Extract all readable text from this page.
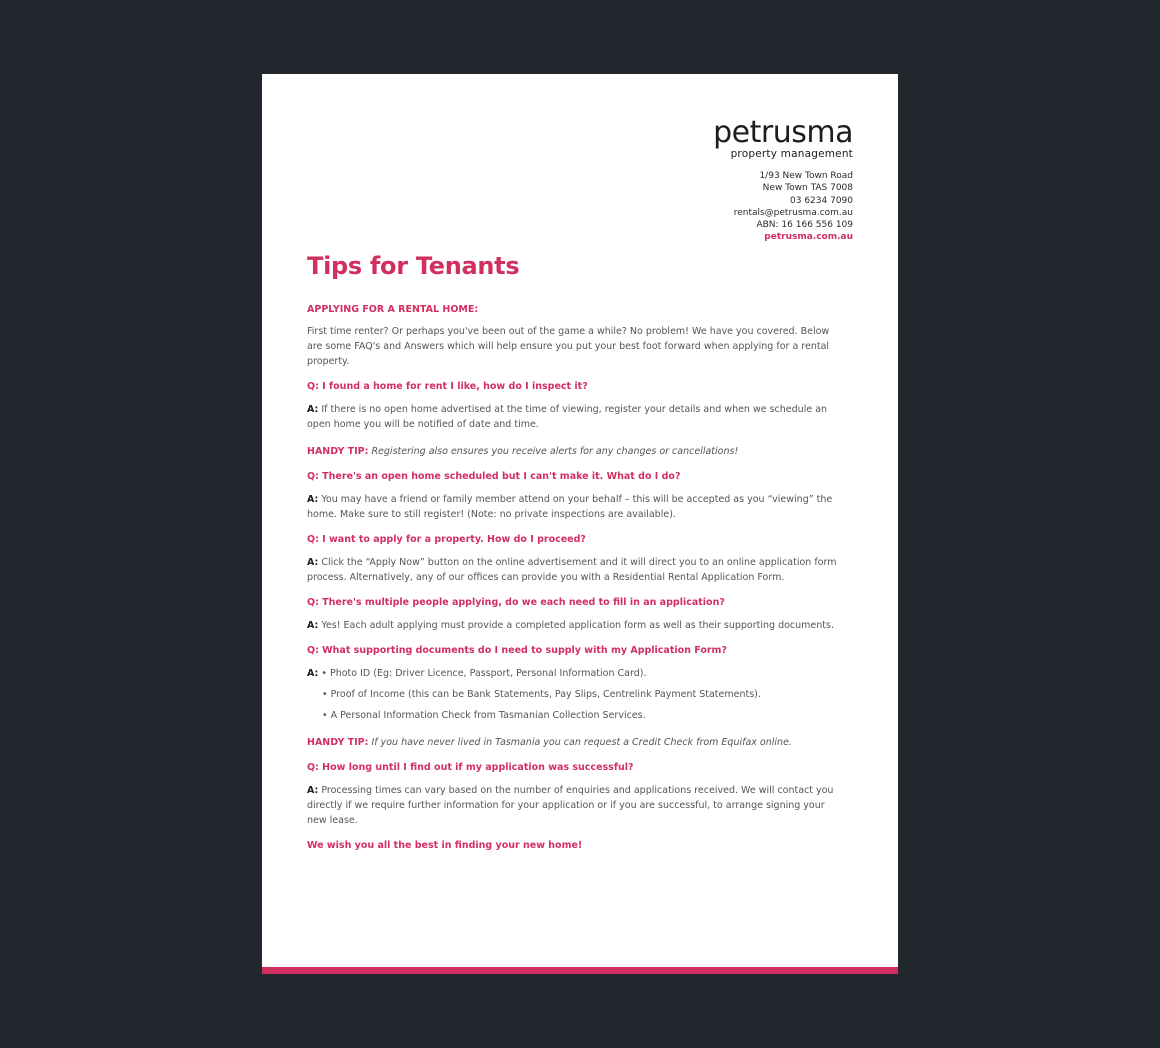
petrusma
property management
1/93 New Town Road
New Town TAS 7008
03 6234 7090
rentals@petrusma.com.au
ABN: 16 166 556 109
petrusma.com.au
Tips for Tenants
APPLYING FOR A RENTAL HOME:

First time renter? Or perhaps you've been out of the game a while? No problem! We have you covered. Below are some FAQ's and Answers which will help ensure you put your best foot forward when applying for a rental property.

Q: I found a home for rent I like, how do I inspect it?

A: If there is no open home advertised at the time of viewing, register your details and when we schedule an open home you will be notified of date and time.

HANDY TIP: Registering also ensures you receive alerts for any changes or cancellations!

Q: There's an open home scheduled but I can't make it. What do I do?

A: You may have a friend or family member attend on your behalf – this will be accepted as you “viewing” the home. Make sure to still register! (Note: no private inspections are available).

Q: I want to apply for a property. How do I proceed?

A: Click the “Apply Now” button on the online advertisement and it will direct you to an online application form process. Alternatively, any of our offices can provide you with a Residential Rental Application Form.

Q: There's multiple people applying, do we each need to fill in an application?

A: Yes! Each adult applying must provide a completed application form as well as their supporting documents.

Q: What supporting documents do I need to supply with my Application Form?

A: • Photo ID (Eg: Driver Licence, Passport, Personal Information Card).

• Proof of Income (this can be Bank Statements, Pay Slips, Centrelink Payment Statements).

• A Personal Information Check from Tasmanian Collection Services.

HANDY TIP: If you have never lived in Tasmania you can request a Credit Check from Equifax online.

Q: How long until I find out if my application was successful?

A: Processing times can vary based on the number of enquiries and applications received. We will contact you directly if we require further information for your application or if you are successful, to arrange signing your new lease.

We wish you all the best in finding your new home!
